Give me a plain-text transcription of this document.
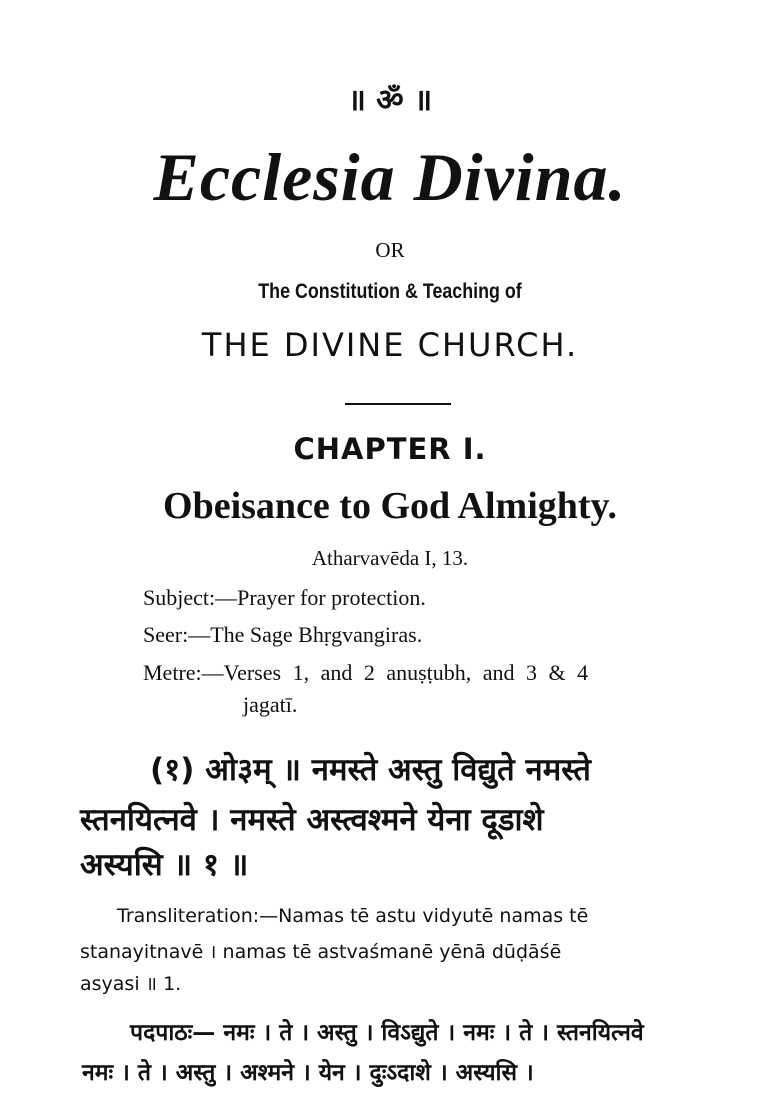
॥ ॐ ॥
Ecclesia Divina.
OR
The Constitution & Teaching of
THE DIVINE CHURCH.
CHAPTER I.
Obeisance to God Almighty.
Atharvavēda I, 13.
Subject:—Prayer for protection.
Seer:—The Sage Bhṛgvangiras.
Metre:—Verses 1, and 2 anuṣṭubh, and 3 & 4
jagatī.
(१) ओ३म् ॥ नमस्ते अस्तु विद्युते नमस्ते
स्तनयित्नवे । नमस्ते अस्त्वश्मने येना दूडाशे
अस्यसि ॥ १ ॥
Transliteration:—Namas tē astu vidyutē namas tē
stanayitnavē । namas tē astvaśmanē yēnā dūḍāśē
asyasi ॥ 1.
पदपाठः— नमः । ते । अस्तु । विऽद्युते । नमः । ते । स्तनयित्नवे
नमः । ते । अस्तु । अश्मने । येन । दुःऽदाशे । अस्यसि ।
